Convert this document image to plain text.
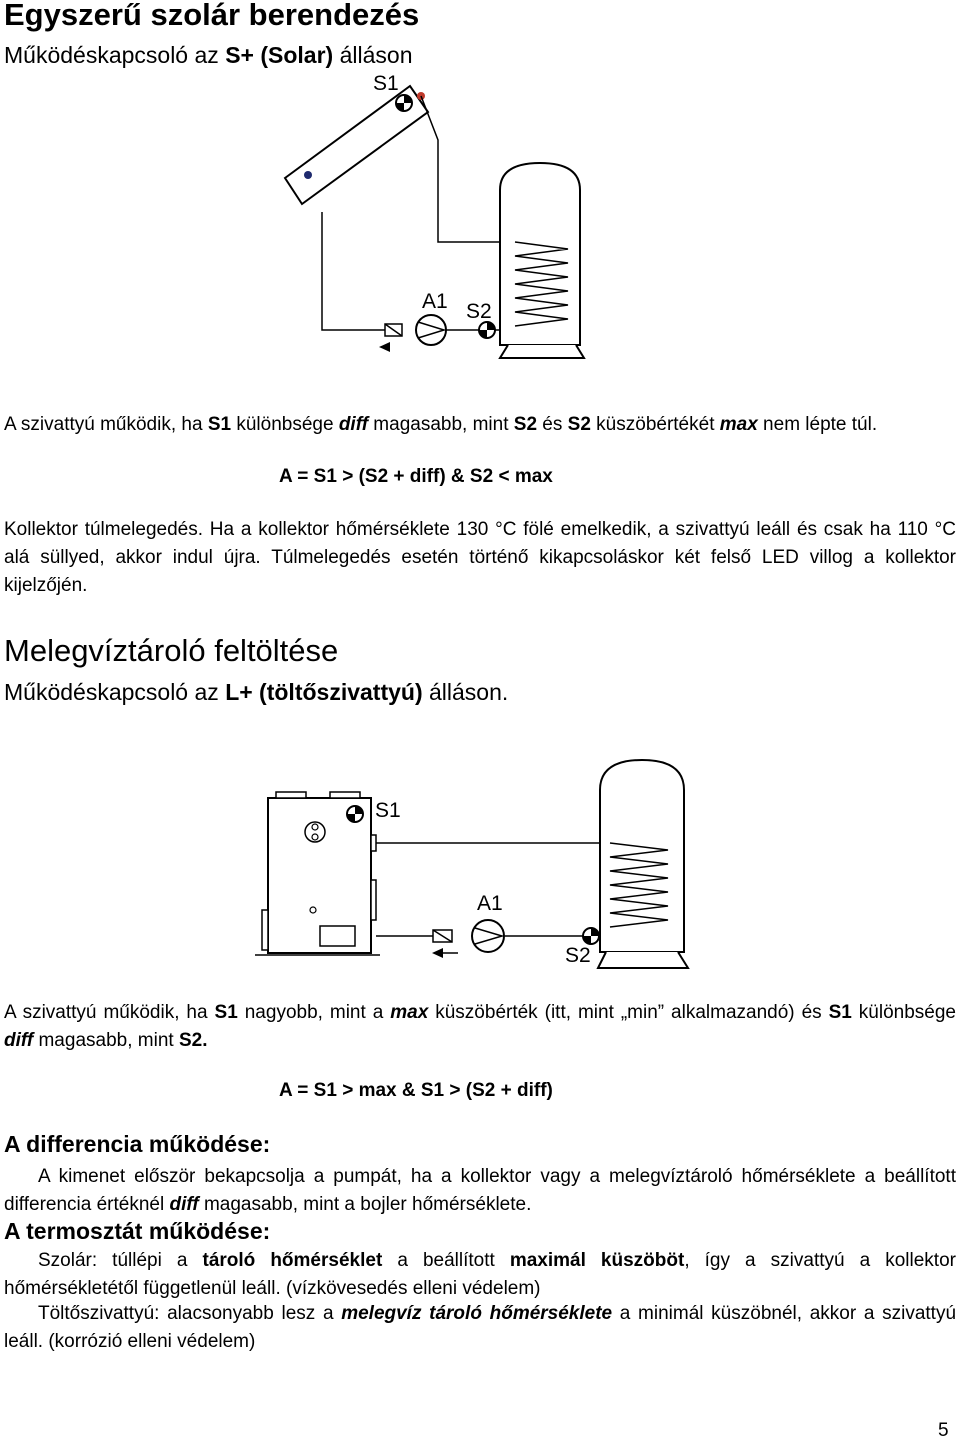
Egyszerű szolár berendezés
Működéskapcsoló az S+ (Solar) álláson
S1
A1 S2
A szivattyú működik, ha S1 különbsége diff magasabb, mint S2 és S2 küszöbértékét max nem lépte túl.
A = S1 > (S2 + diff) & S2 < max
Kollektor túlmelegedés. Ha a kollektor hőmérséklete 130 °C fölé emelkedik, a szivattyú leáll és csak ha 110 °C alá süllyed, akkor indul újra. Túlmelegedés esetén történő kikapcsoláskor két felső LED villog a kollektor kijelzőjén.
Melegvíztároló feltöltése
Működéskapcsoló az L+ (töltőszivattyú) álláson.
S1
A1
S2
A szivattyú működik, ha S1 nagyobb, mint a max küszöbérték (itt, mint „min” alkalmazandó) és S1 különbsége diff magasabb, mint S2.
A = S1 > max & S1 > (S2 + diff)
A differencia működése:
A kimenet először bekapcsolja a pumpát, ha a kollektor vagy a melegvíztároló hőmérséklete a beállított differencia értéknél diff magasabb, mint a bojler hőmérséklete.
A termosztát működése:
Szolár: túllépi a tároló hőmérséklet a beállított maximál küszöböt, így a szivattyú a kollektor hőmérsékletétől függetlenül leáll. (vízkövesedés elleni védelem)
Töltőszivattyú: alacsonyabb lesz a melegvíz tároló hőmérséklete a minimál küszöbnél, akkor a szivattyú leáll. (korrózió elleni védelem)
5
